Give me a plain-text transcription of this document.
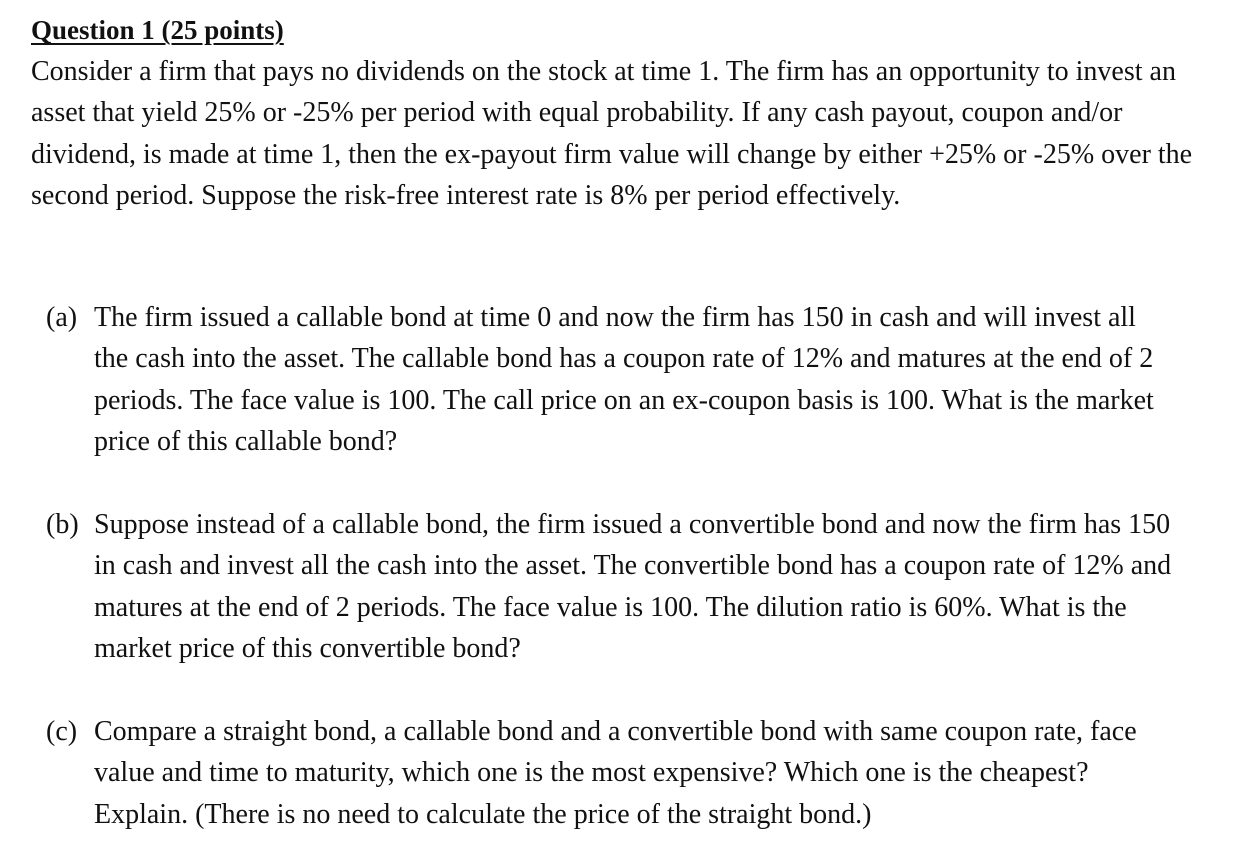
Question 1 (25 points)

Consider a firm that pays no dividends on the stock at time 1. The firm has an opportunity to invest an asset that yield 25% or -25% per period with equal probability. If any cash payout, coupon and/or dividend, is made at time 1, then the ex-payout firm value will change by either +25% or -25% over the second period. Suppose the risk-free interest rate is 8% per period effectively.

(a) The firm issued a callable bond at time 0 and now the firm has 150 in cash and will invest all the cash into the asset. The callable bond has a coupon rate of 12% and matures at the end of 2 periods. The face value is 100. The call price on an ex-coupon basis is 100. What is the market price of this callable bond?
(b) Suppose instead of a callable bond, the firm issued a convertible bond and now the firm has 150 in cash and invest all the cash into the asset. The convertible bond has a coupon rate of 12% and matures at the end of 2 periods. The face value is 100. The dilution ratio is 60%. What is the market price of this convertible bond?
(c) Compare a straight bond, a callable bond and a convertible bond with same coupon rate, face value and time to maturity, which one is the most expensive? Which one is the cheapest? Explain. (There is no need to calculate the price of the straight bond.)
